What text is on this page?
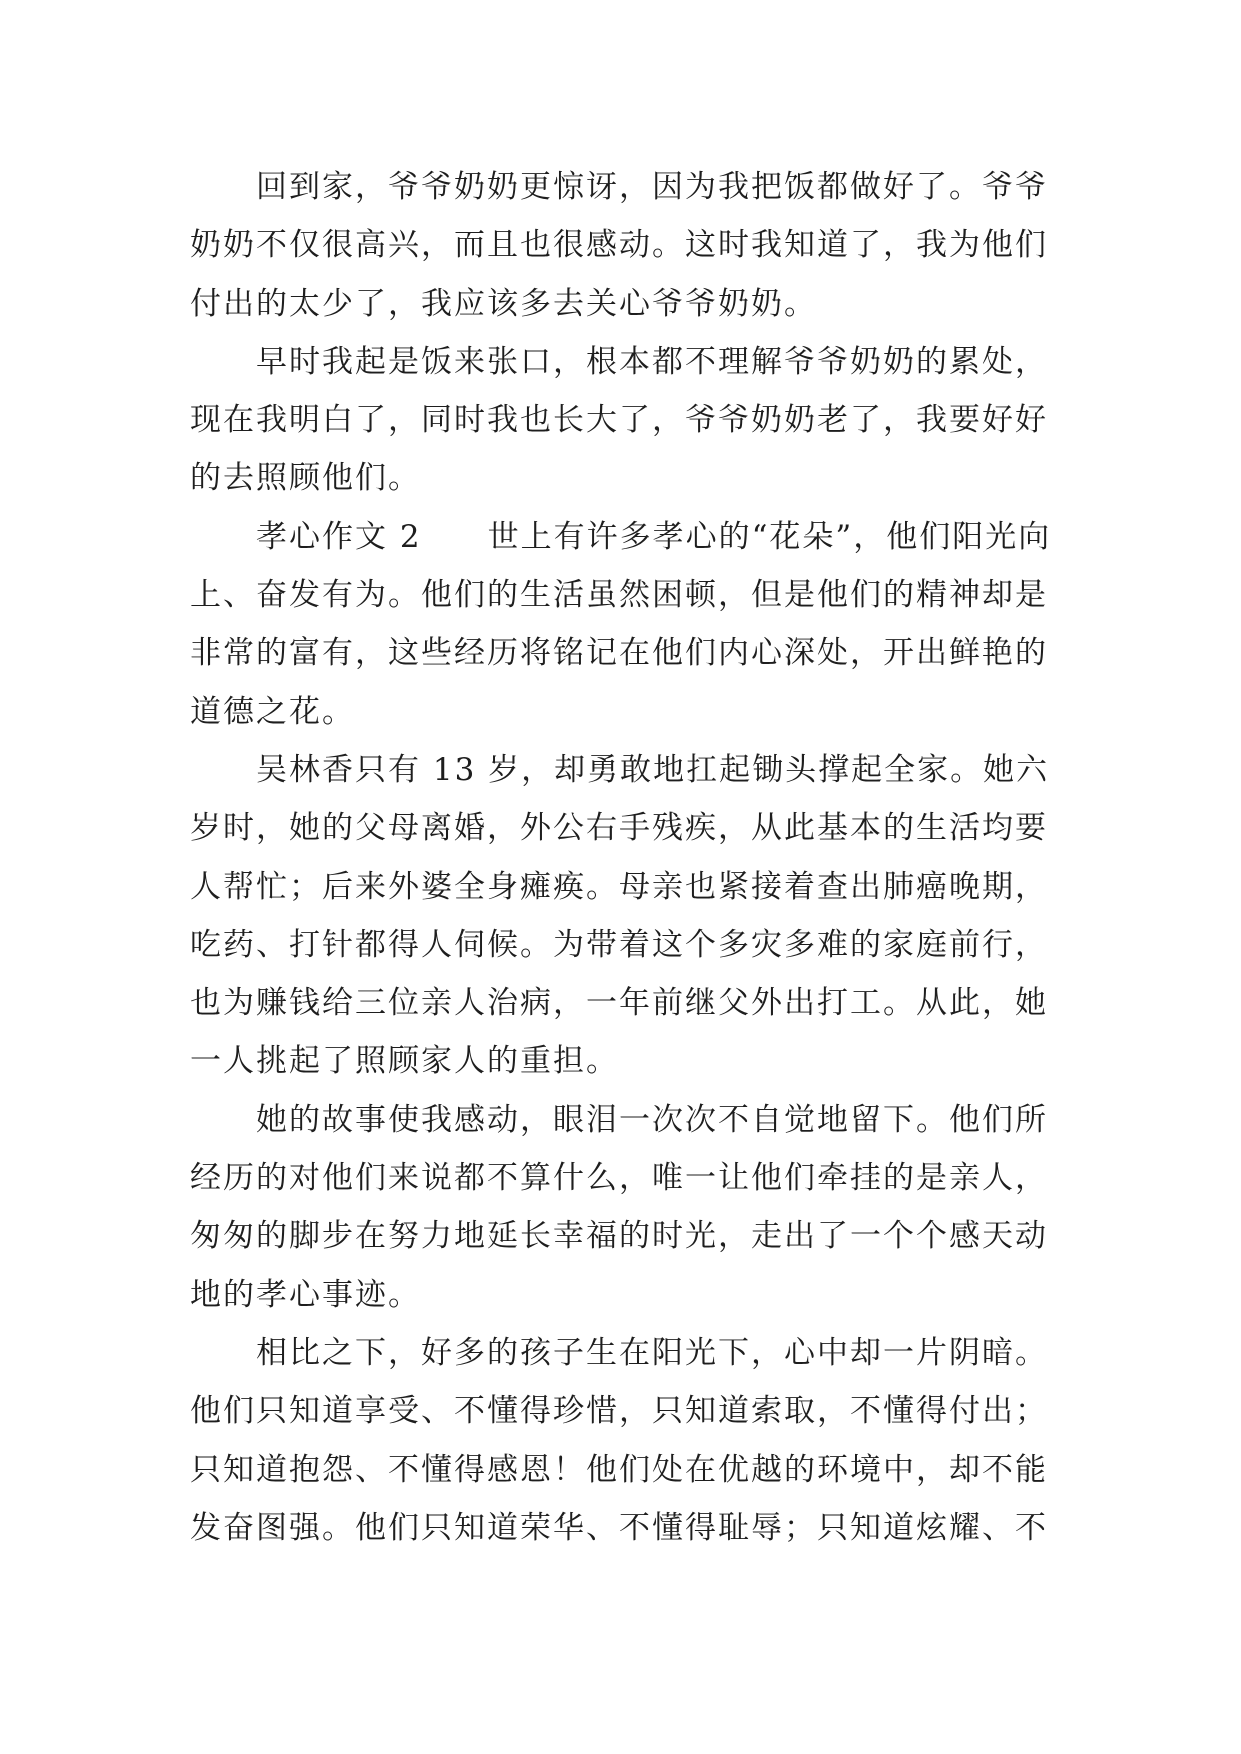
回到家，爷爷奶奶更惊讶，因为我把饭都做好了。爷爷
奶奶不仅很高兴，而且也很感动。这时我知道了，我为他们
付出的太少了，我应该多去关心爷爷奶奶。
早时我起是饭来张口，根本都不理解爷爷奶奶的累处，
现在我明白了，同时我也长大了，爷爷奶奶老了，我要好好
的去照顾他们。
孝心作文 2　　世上有许多孝心的“花朵”，他们阳光向
上、奋发有为。他们的生活虽然困顿，但是他们的精神却是
非常的富有，这些经历将铭记在他们内心深处，开出鲜艳的
道德之花。
吴林香只有 13 岁，却勇敢地扛起锄头撑起全家。她六
岁时，她的父母离婚，外公右手残疾，从此基本的生活均要
人帮忙；后来外婆全身瘫痪。母亲也紧接着查出肺癌晚期，
吃药、打针都得人伺候。为带着这个多灾多难的家庭前行，
也为赚钱给三位亲人治病，一年前继父外出打工。从此，她
一人挑起了照顾家人的重担。
她的故事使我感动，眼泪一次次不自觉地留下。他们所
经历的对他们来说都不算什么，唯一让他们牵挂的是亲人，
匆匆的脚步在努力地延长幸福的时光，走出了一个个感天动
地的孝心事迹。
相比之下，好多的孩子生在阳光下，心中却一片阴暗。
他们只知道享受、不懂得珍惜，只知道索取，不懂得付出；
只知道抱怨、不懂得感恩！他们处在优越的环境中，却不能
发奋图强。他们只知道荣华、不懂得耻辱；只知道炫耀、不
